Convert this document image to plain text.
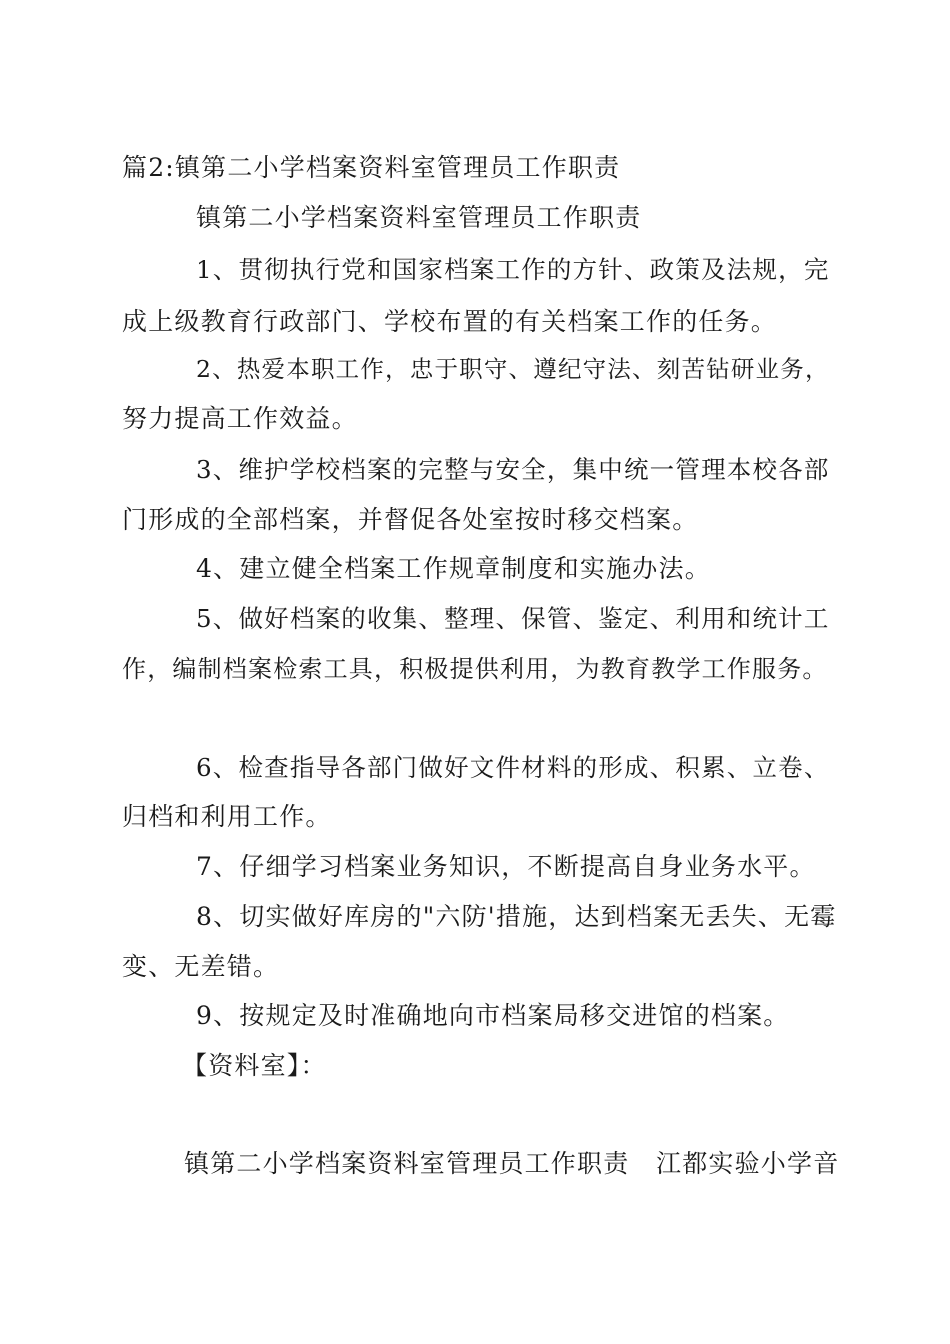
篇2:镇第二小学档案资料室管理员工作职责
镇第二小学档案资料室管理员工作职责
1、贯彻执行党和国家档案工作的方针、政策及法规，完
成上级教育行政部门、学校布置的有关档案工作的任务。
2、热爱本职工作，忠于职守、遵纪守法、刻苦钻研业务，
努力提高工作效益。
3、维护学校档案的完整与安全，集中统一管理本校各部
门形成的全部档案，并督促各处室按时移交档案。
4、建立健全档案工作规章制度和实施办法。
5、做好档案的收集、整理、保管、鉴定、利用和统计工
作，编制档案检索工具，积极提供利用，为教育教学工作服务。
6、检查指导各部门做好文件材料的形成、积累、立卷、
归档和利用工作。
7、仔细学习档案业务知识，不断提高自身业务水平。
8、切实做好库房的"六防'措施，达到档案无丢失、无霉
变、无差错。
9、按规定及时准确地向市档案局移交进馆的档案。
【资料室】：
镇第二小学档案资料室管理员工作职责 江都实验小学音
